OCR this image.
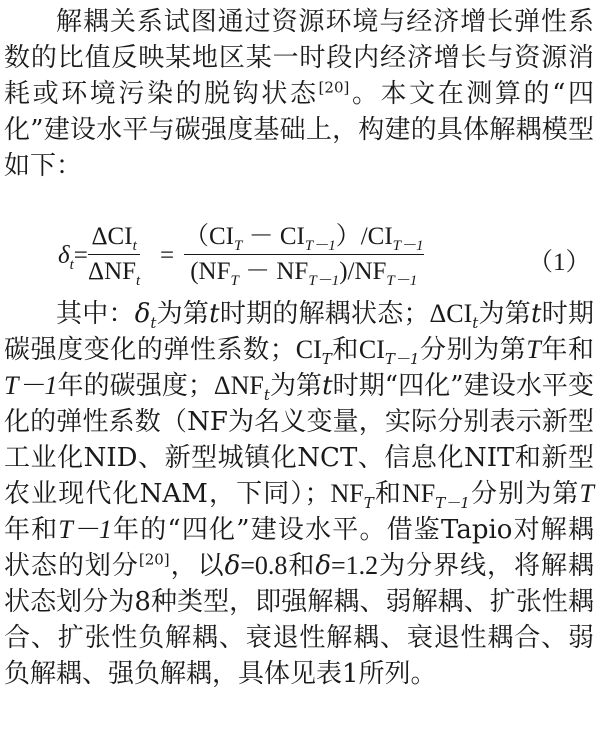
解耦关系试图通过资源环境与经济增长弹性系数的比值反映某地区某一时段内经济增长与资源消耗或环境污染的脱钩状态[20]。本文在测算的“四化”建设水平与碳强度基础上，构建的具体解耦模型如下：

$\delta_t=$
$\Delta CI_t$
$\Delta NF_t$
=
$(CI_T - CI_{T-1})/CI_{T-1}$
$(NF_T - NF_{T-1})/NF_{T-1}$
（1）

其中：$\delta_t$为第t时期的解耦状态；$\Delta CI_t$为第t时期碳强度变化的弹性系数；$CI_T$和$CI_{T-1}$分别为第T年和T－1年的碳强度；$\Delta NF_t$为第t时期“四化”建设水平变化的弹性系数（NF为名义变量，实际分别表示新型工业化NID、新型城镇化NCT、信息化NIT和新型农业现代化NAM，下同）；$NF_T$和$NF_{T-1}$分别为第T年和T－1年的“四化”建设水平。借鉴Tapio对解耦状态的划分[20]，以δ=0.8和δ=1.2为分界线，将解耦状态划分为8种类型，即强解耦、弱解耦、扩张性耦合、扩张性负解耦、衰退性解耦、衰退性耦合、弱负解耦、强负解耦，具体见表1所列。
